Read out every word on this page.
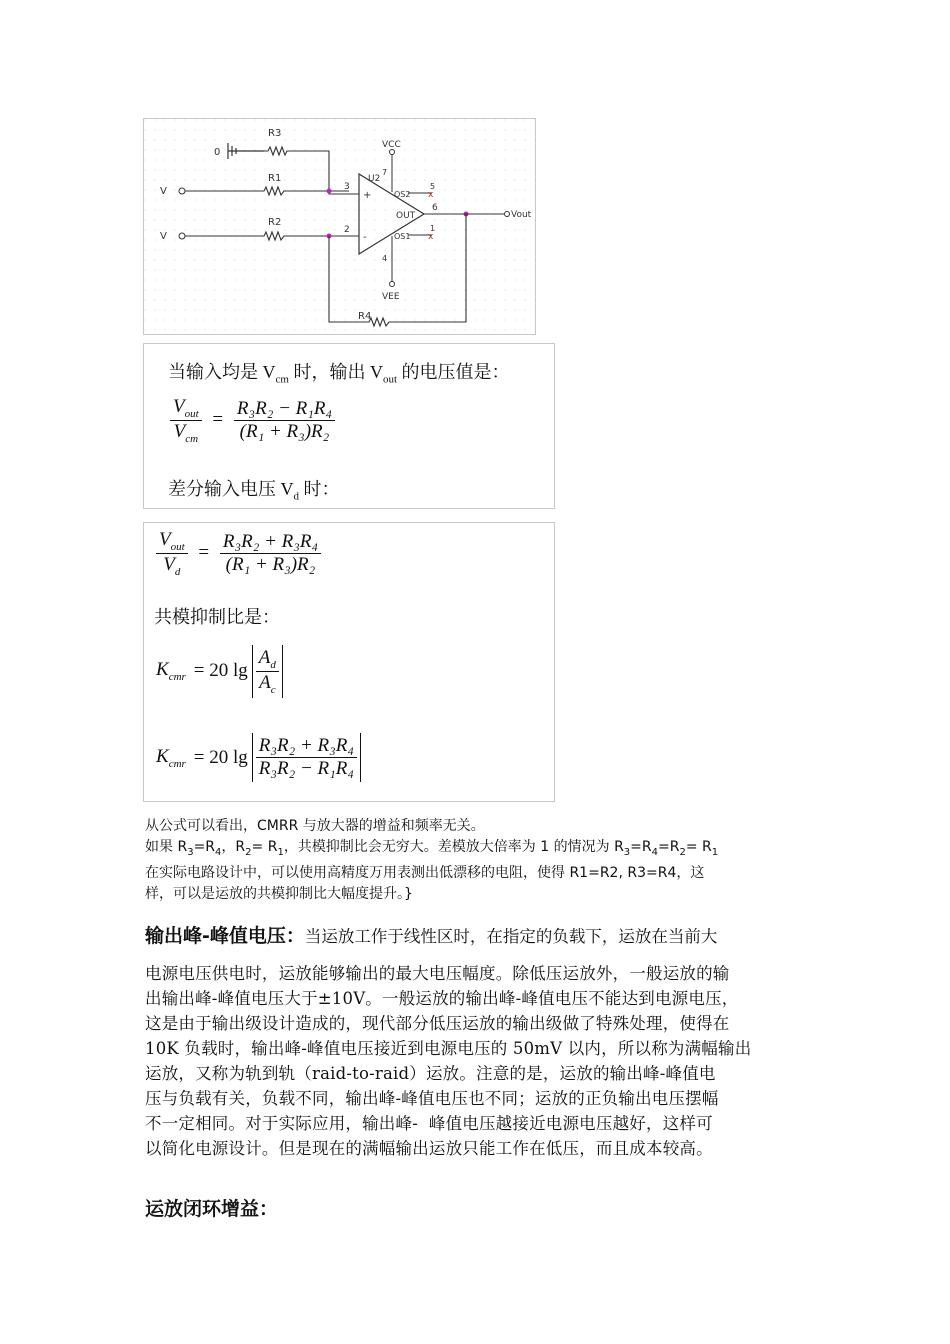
0
R3
V
V
R1
R2
+
-
3
2
U2
OUT
OS2
OS1
VCC
7
VEE
4
5
1
x
x
Vout
6
R4
当输入均是 $V_{cm}$ 时，输出 $V_{out}$ 的电压值是：
$\frac{V_{out}}{V_{cm}} = \frac{\text{R₃R₂ − R₁R₄}}{\text{(R₁ + R₃)R₂}}$
差分输入电压 $V_d$ 时：
$\frac{V_{out}}{V_d} = \frac{\text{R₃R₂ + R₃R₄}}{\text{(R₁ + R₃)R₂}}$
共模抑制比是：
$K_{cmr} = 20$ $\lg \frac{A_d}{A_c}$
$K_{cmr} = 20$ $\lg \frac{\text{R₃R₂ + R₃R₄}}{\text{R₃R₂ − R₁R₄}}$
从公式可以看出，CMRR 与放大器的增益和频率无关。
如果 $R_3=R_4$，$R_2= R_1$，共模抑制比会无穷大。差模放大倍率为 1 的情况为 $R_3=R_4=R_2= R_1$
在实际电路设计中，可以使用高精度万用表测出低漂移的电阻，使得 R1=R2, R3=R4，这
样，可以是运放的共模抑制比大幅度提升。}
输出峰-峰值电压：当运放工作于线性区时，在指定的负载下，运放在当前大
电源电压供电时，运放能够输出的最大电压幅度。除低压运放外，一般运放的输
出输出峰-峰值电压大于±10V。一般运放的输出峰-峰值电压不能达到电源电压，
这是由于输出级设计造成的，现代部分低压运放的输出级做了特殊处理，使得在
10K 负载时，输出峰-峰值电压接近到电源电压的 50mV 以内，所以称为满幅输出
运放，又称为轨到轨（raid-to-raid）运放。注意的是，运放的输出峰-峰值电
压与负载有关，负载不同，输出峰-峰值电压也不同；运放的正负输出电压摆幅
不一定相同。对于实际应用，输出峰-  峰值电压越接近电源电压越好，这样可
以简化电源设计。但是现在的满幅输出运放只能工作在低压，而且成本较高。
运放闭环增益：
